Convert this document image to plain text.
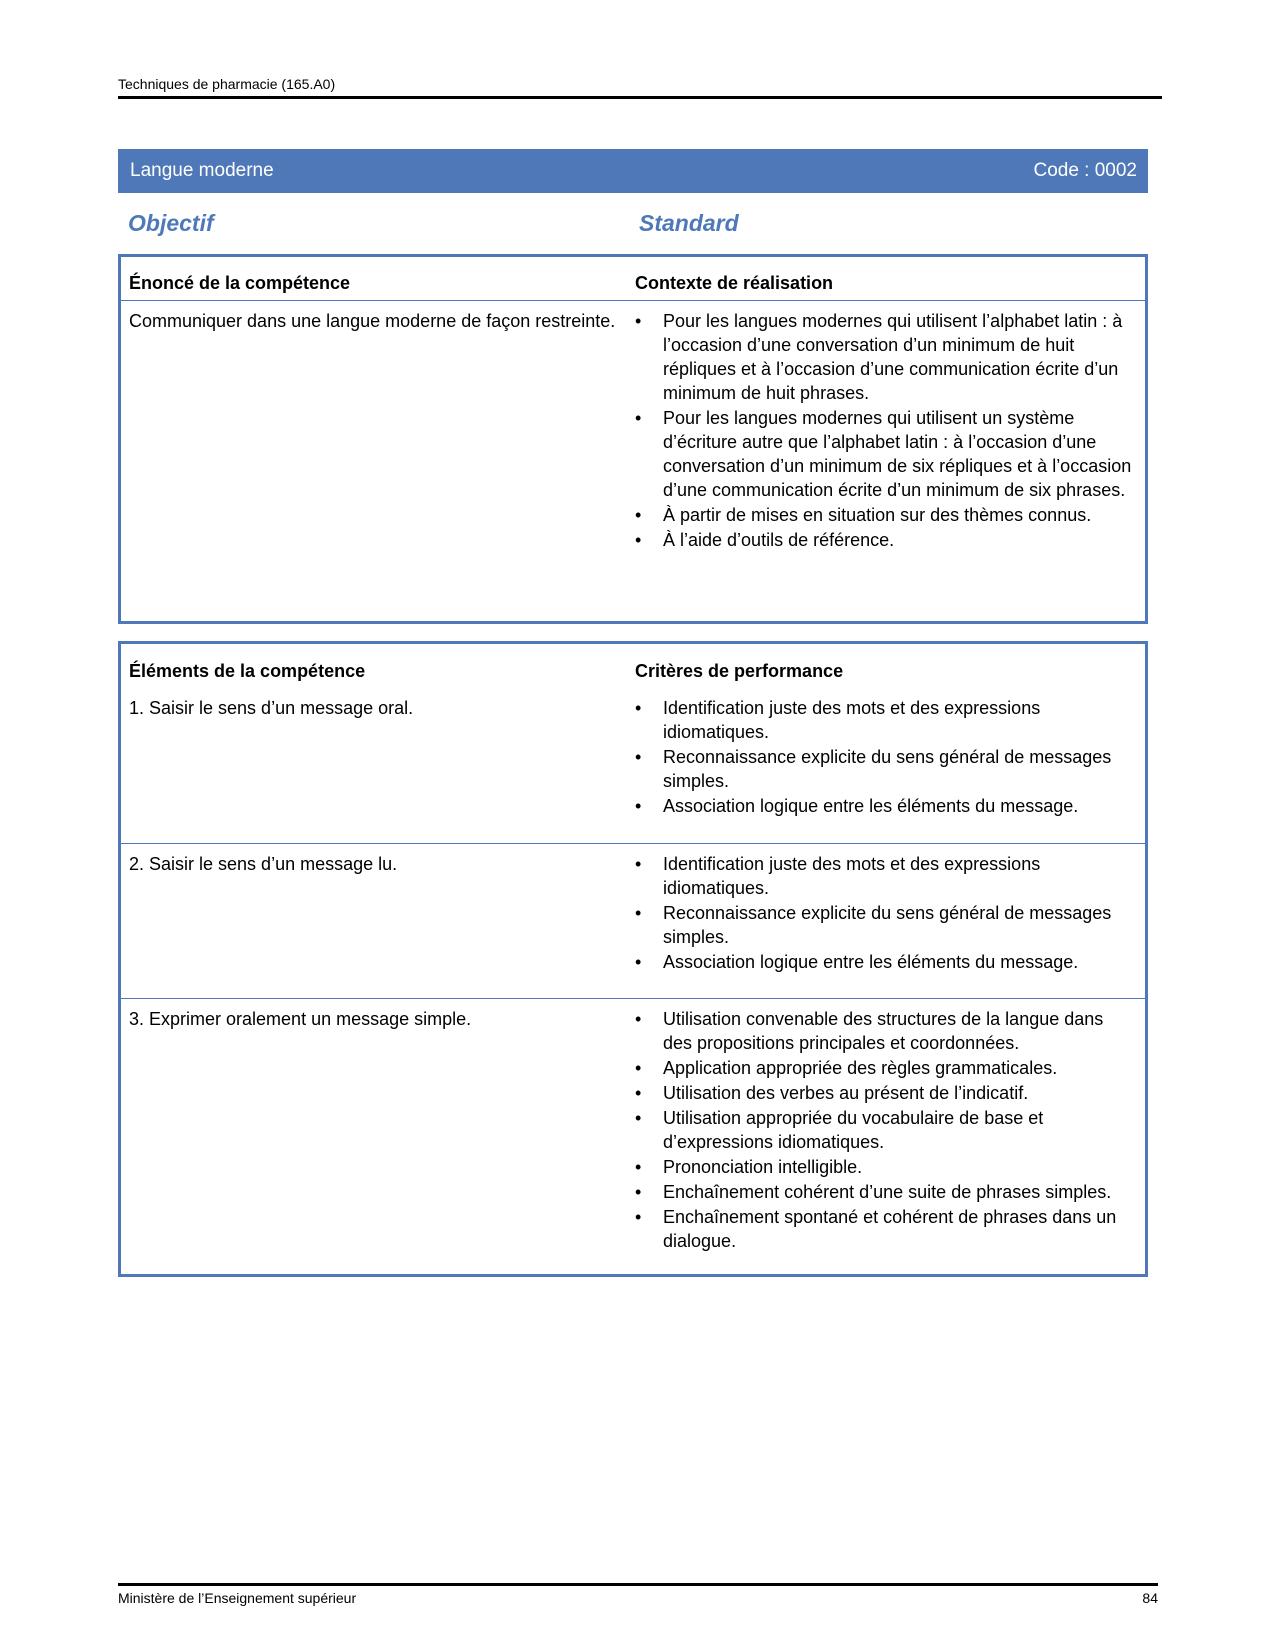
Techniques de pharmacie (165.A0)
Langue moderne	Code : 0002
Objectif	Standard
Énoncé de la compétence	Contexte de réalisation
Communiquer dans une langue moderne de façon restreinte.	• Pour les langues modernes qui utilisent l’alphabet latin : à l’occasion d’une conversation d’un minimum de huit répliques et à l’occasion d’une communication écrite d’un minimum de huit phrases.
• Pour les langues modernes qui utilisent un système d’écriture autre que l’alphabet latin : à l’occasion d’une conversation d’un minimum de six répliques et à l’occasion d’une communication écrite d’un minimum de six phrases.
• À partir de mises en situation sur des thèmes connus.
• À l’aide d’outils de référence.
Éléments de la compétence	Critères de performance
1. Saisir le sens d’un message oral.	• Identification juste des mots et des expressions idiomatiques.
• Reconnaissance explicite du sens général de messages simples.
• Association logique entre les éléments du message.
2. Saisir le sens d’un message lu.	• Identification juste des mots et des expressions idiomatiques.
• Reconnaissance explicite du sens général de messages simples.
• Association logique entre les éléments du message.
3. Exprimer oralement un message simple.	• Utilisation convenable des structures de la langue dans des propositions principales et coordonnées.
• Application appropriée des règles grammaticales.
• Utilisation des verbes au présent de l’indicatif.
• Utilisation appropriée du vocabulaire de base et d’expressions idiomatiques.
• Prononciation intelligible.
• Enchaînement cohérent d’une suite de phrases simples.
• Enchaînement spontané et cohérent de phrases dans un dialogue.
Ministère de l’Enseignement supérieur	84
